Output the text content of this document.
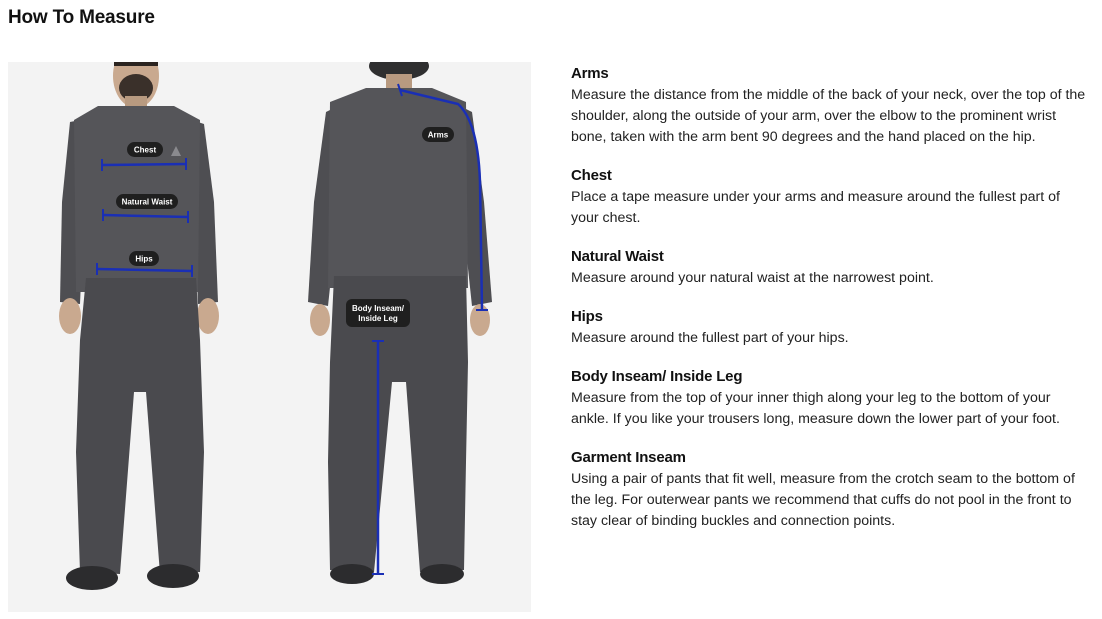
How To Measure
Chest
Natural Waist
Hips
Arms
Body Inseam/
Inside Leg
Arms

Measure the distance from the middle of the back of your neck, over the top of the shoulder, along the outside of your arm, over the elbow to the prominent wrist bone, taken with the arm bent 90 degrees and the hand placed on the hip.

Chest

Place a tape measure under your arms and measure around the fullest part of your chest.

Natural Waist

Measure around your natural waist at the narrowest point.

Hips

Measure around the fullest part of your hips.

Body Inseam/ Inside Leg

Measure from the top of your inner thigh along your leg to the bottom of your ankle. If you like your trousers long, measure down the lower part of your foot.

Garment Inseam

Using a pair of pants that fit well, measure from the crotch seam to the bottom of the leg. For outerwear pants we recommend that cuffs do not pool in the front to stay clear of binding buckles and connection points.
